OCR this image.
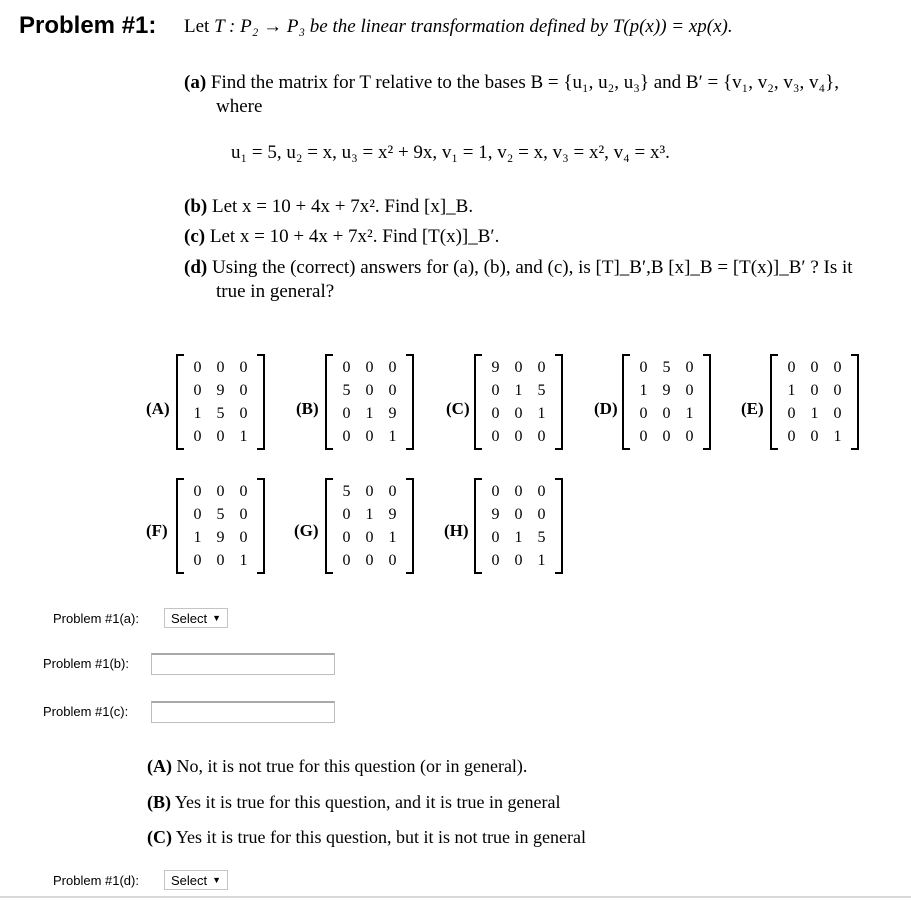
Problem #1: Let T : P₂ → P₃ be the linear transformation defined by T(p(x)) = xp(x).
(a) Find the matrix for T relative to the bases B = {u₁, u₂, u₃} and B′ = {v₁, v₂, v₃, v₄},
where
u₁ = 5, u₂ = x, u₃ = x² + 9x, v₁ = 1, v₂ = x, v₃ = x², v₄ = x³.
(b) Let x = 10 + 4x + 7x². Find [x]_B.
(c) Let x = 10 + 4x + 7x². Find [T(x)]_B′.
(d) Using the (correct) answers for (a), (b), and (c), is [T]_B′,B [x]_B = [T(x)]_B′ ? Is it
true in general?
(A)
0 0 0
0 9 0
1 5 0
0 0 1
(B)
0 0 0
5 0 0
0 1 9
0 0 1
(C)
9 0 0
0 1 5
0 0 1
0 0 0
(D)
0 5 0
1 9 0
0 0 1
0 0 0
(E)
0 0 0
1 0 0
0 1 0
0 0 1
(F)
0 0 0
0 5 0
1 9 0
0 0 1
(G)
5 0 0
0 1 9
0 0 1
0 0 0
(H)
0 0 0
9 0 0
0 1 5
0 0 1
Problem #1(a): Select ▼
Problem #1(b):
Problem #1(c):
(A) No, it is not true for this question (or in general).
(B) Yes it is true for this question, and it is true in general
(C) Yes it is true for this question, but it is not true in general
Problem #1(d): Select ▼
